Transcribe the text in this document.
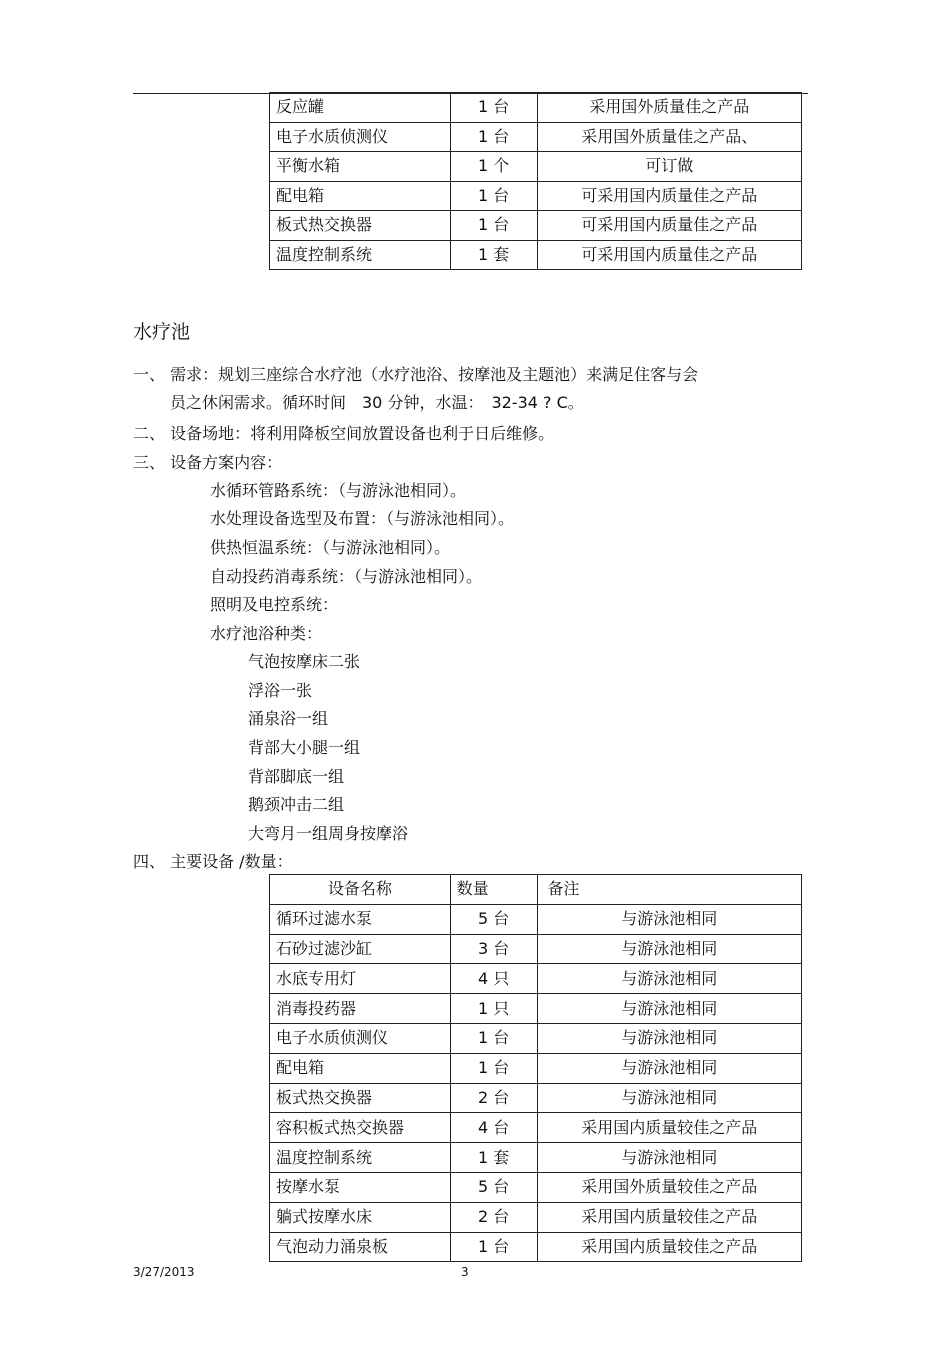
反应罐	1 台	采用国外质量佳之产品
电子水质侦测仪	1 台	采用国外质量佳之产品、
平衡水箱	1 个	可订做
配电箱	1 台	可采用国内质量佳之产品
板式热交换器	1 台	可采用国内质量佳之产品
温度控制系统	1 套	可采用国内质量佳之产品
水疗池
一、 需求：规划三座综合水疗池（水疗池浴、按摩池及主题池）来满足住客与会
员之休闲需求。循环时间　30 分钟，水温：　32-34 ? C。
二、 设备场地：将利用降板空间放置设备也利于日后维修。
三、 设备方案内容：
水循环管路系统：（与游泳池相同）。
水处理设备选型及布置：（与游泳池相同）。
供热恒温系统：（与游泳池相同）。
自动投药消毒系统：（与游泳池相同）。
照明及电控系统：
水疗池浴种类：
气泡按摩床二张
浮浴一张
涌泉浴一组
背部大小腿一组
背部脚底一组
鹅颈冲击二组
大弯月一组周身按摩浴
四、 主要设备 /数量：
设备名称	数量	备注
循环过滤水泵	5 台	与游泳池相同
石砂过滤沙缸	3 台	与游泳池相同
水底专用灯	4 只	与游泳池相同
消毒投药器	1 只	与游泳池相同
电子水质侦测仪	1 台	与游泳池相同
配电箱	1 台	与游泳池相同
板式热交换器	2 台	与游泳池相同
容积板式热交换器	4 台	采用国内质量较佳之产品
温度控制系统	1 套	与游泳池相同
按摩水泵	5 台	采用国外质量较佳之产品
躺式按摩水床	2 台	采用国内质量较佳之产品
气泡动力涌泉板	1 台	采用国内质量较佳之产品
3/27/2013	3
